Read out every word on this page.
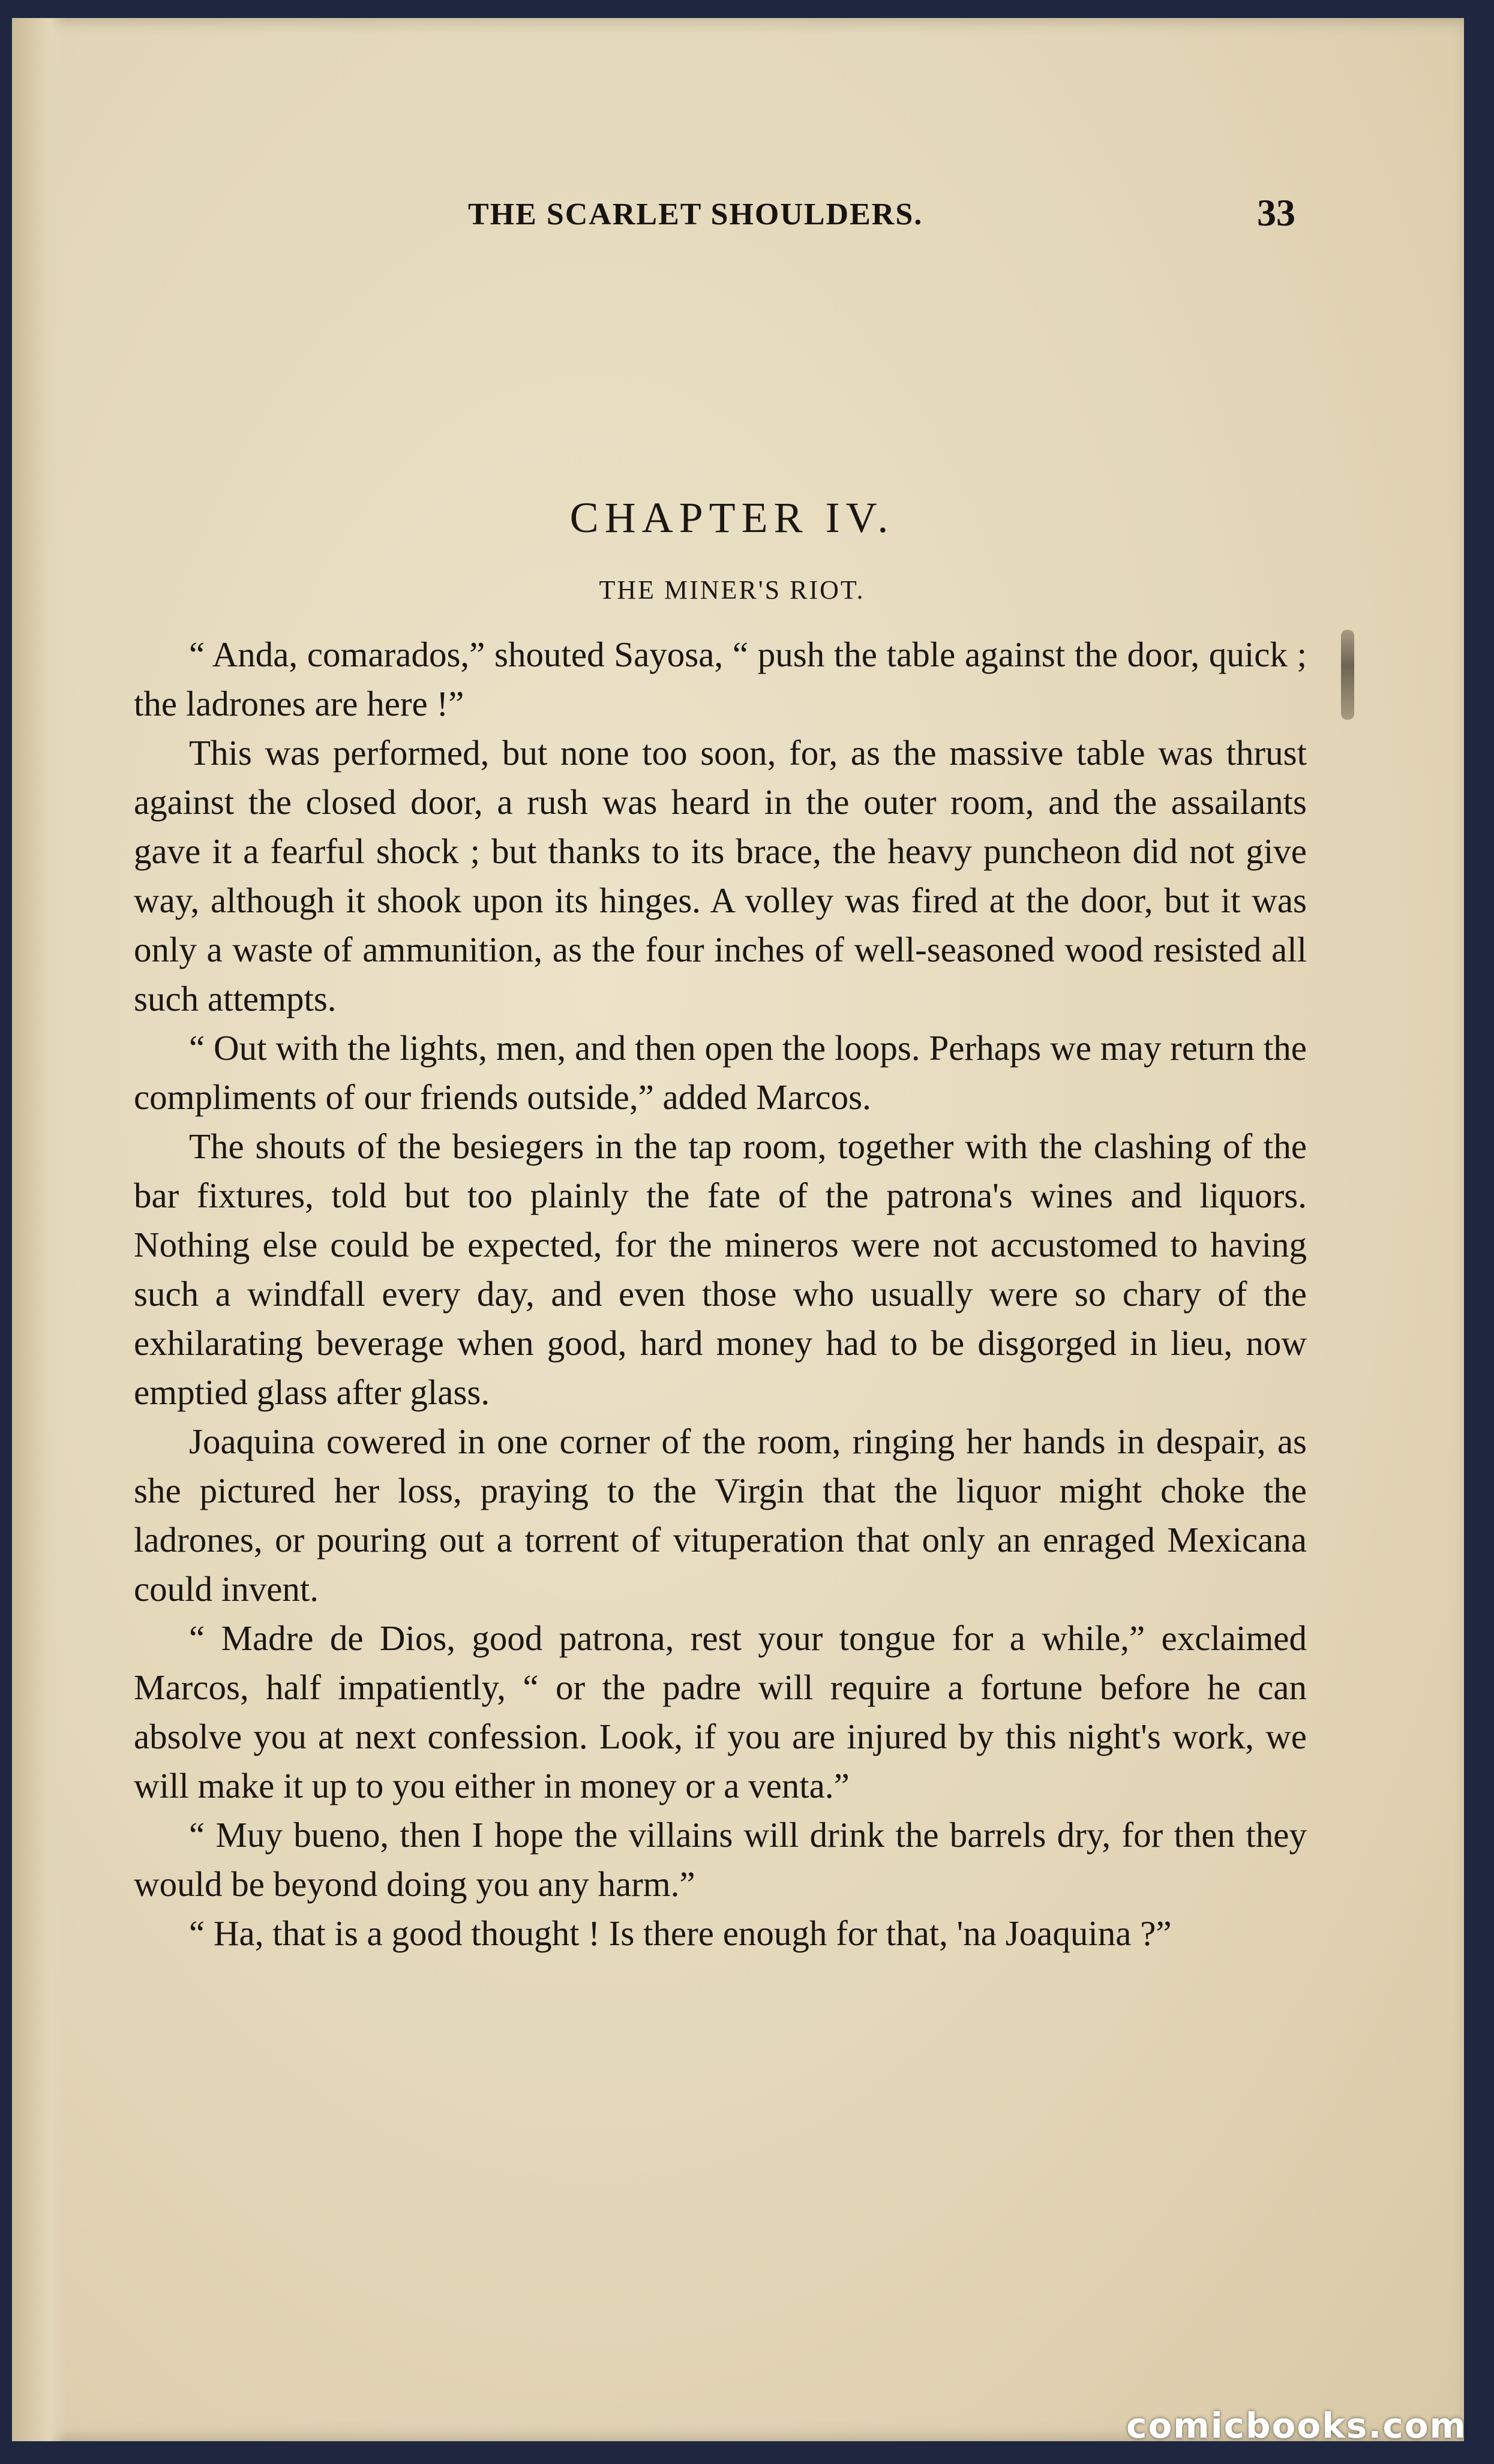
THE SCARLET SHOULDERS.	33
CHAPTER IV.
THE MINER'S RIOT.

“ Anda, comarados,” shouted Sayosa, “ push the table against the door, quick ; the ladrones are here !”

This was performed, but none too soon, for, as the massive table was thrust against the closed door, a rush was heard in the outer room, and the assailants gave it a fearful shock ; but thanks to its brace, the heavy puncheon did not give way, although it shook upon its hinges. A volley was fired at the door, but it was only a waste of ammunition, as the four inches of well-seasoned wood resisted all such attempts.

“ Out with the lights, men, and then open the loops. Perhaps we may return the compliments of our friends outside,” added Marcos.

The shouts of the besiegers in the tap room, together with the clashing of the bar fixtures, told but too plainly the fate of the patrona's wines and liquors. Nothing else could be expected, for the mineros were not accustomed to having such a windfall every day, and even those who usually were so chary of the exhilarating beverage when good, hard money had to be disgorged in lieu, now emptied glass after glass.

Joaquina cowered in one corner of the room, ringing her hands in despair, as she pictured her loss, praying to the Virgin that the liquor might choke the ladrones, or pouring out a torrent of vituperation that only an enraged Mexicana could invent.

“ Madre de Dios, good patrona, rest your tongue for a while,” exclaimed Marcos, half impatiently, “ or the padre will require a fortune before he can absolve you at next confession. Look, if you are injured by this night's work, we will make it up to you either in money or a venta.”

“ Muy bueno, then I hope the villains will drink the barrels dry, for then they would be beyond doing you any harm.”

“ Ha, that is a good thought ! Is there enough for that, 'na Joaquina ?”

comicbooks.com
